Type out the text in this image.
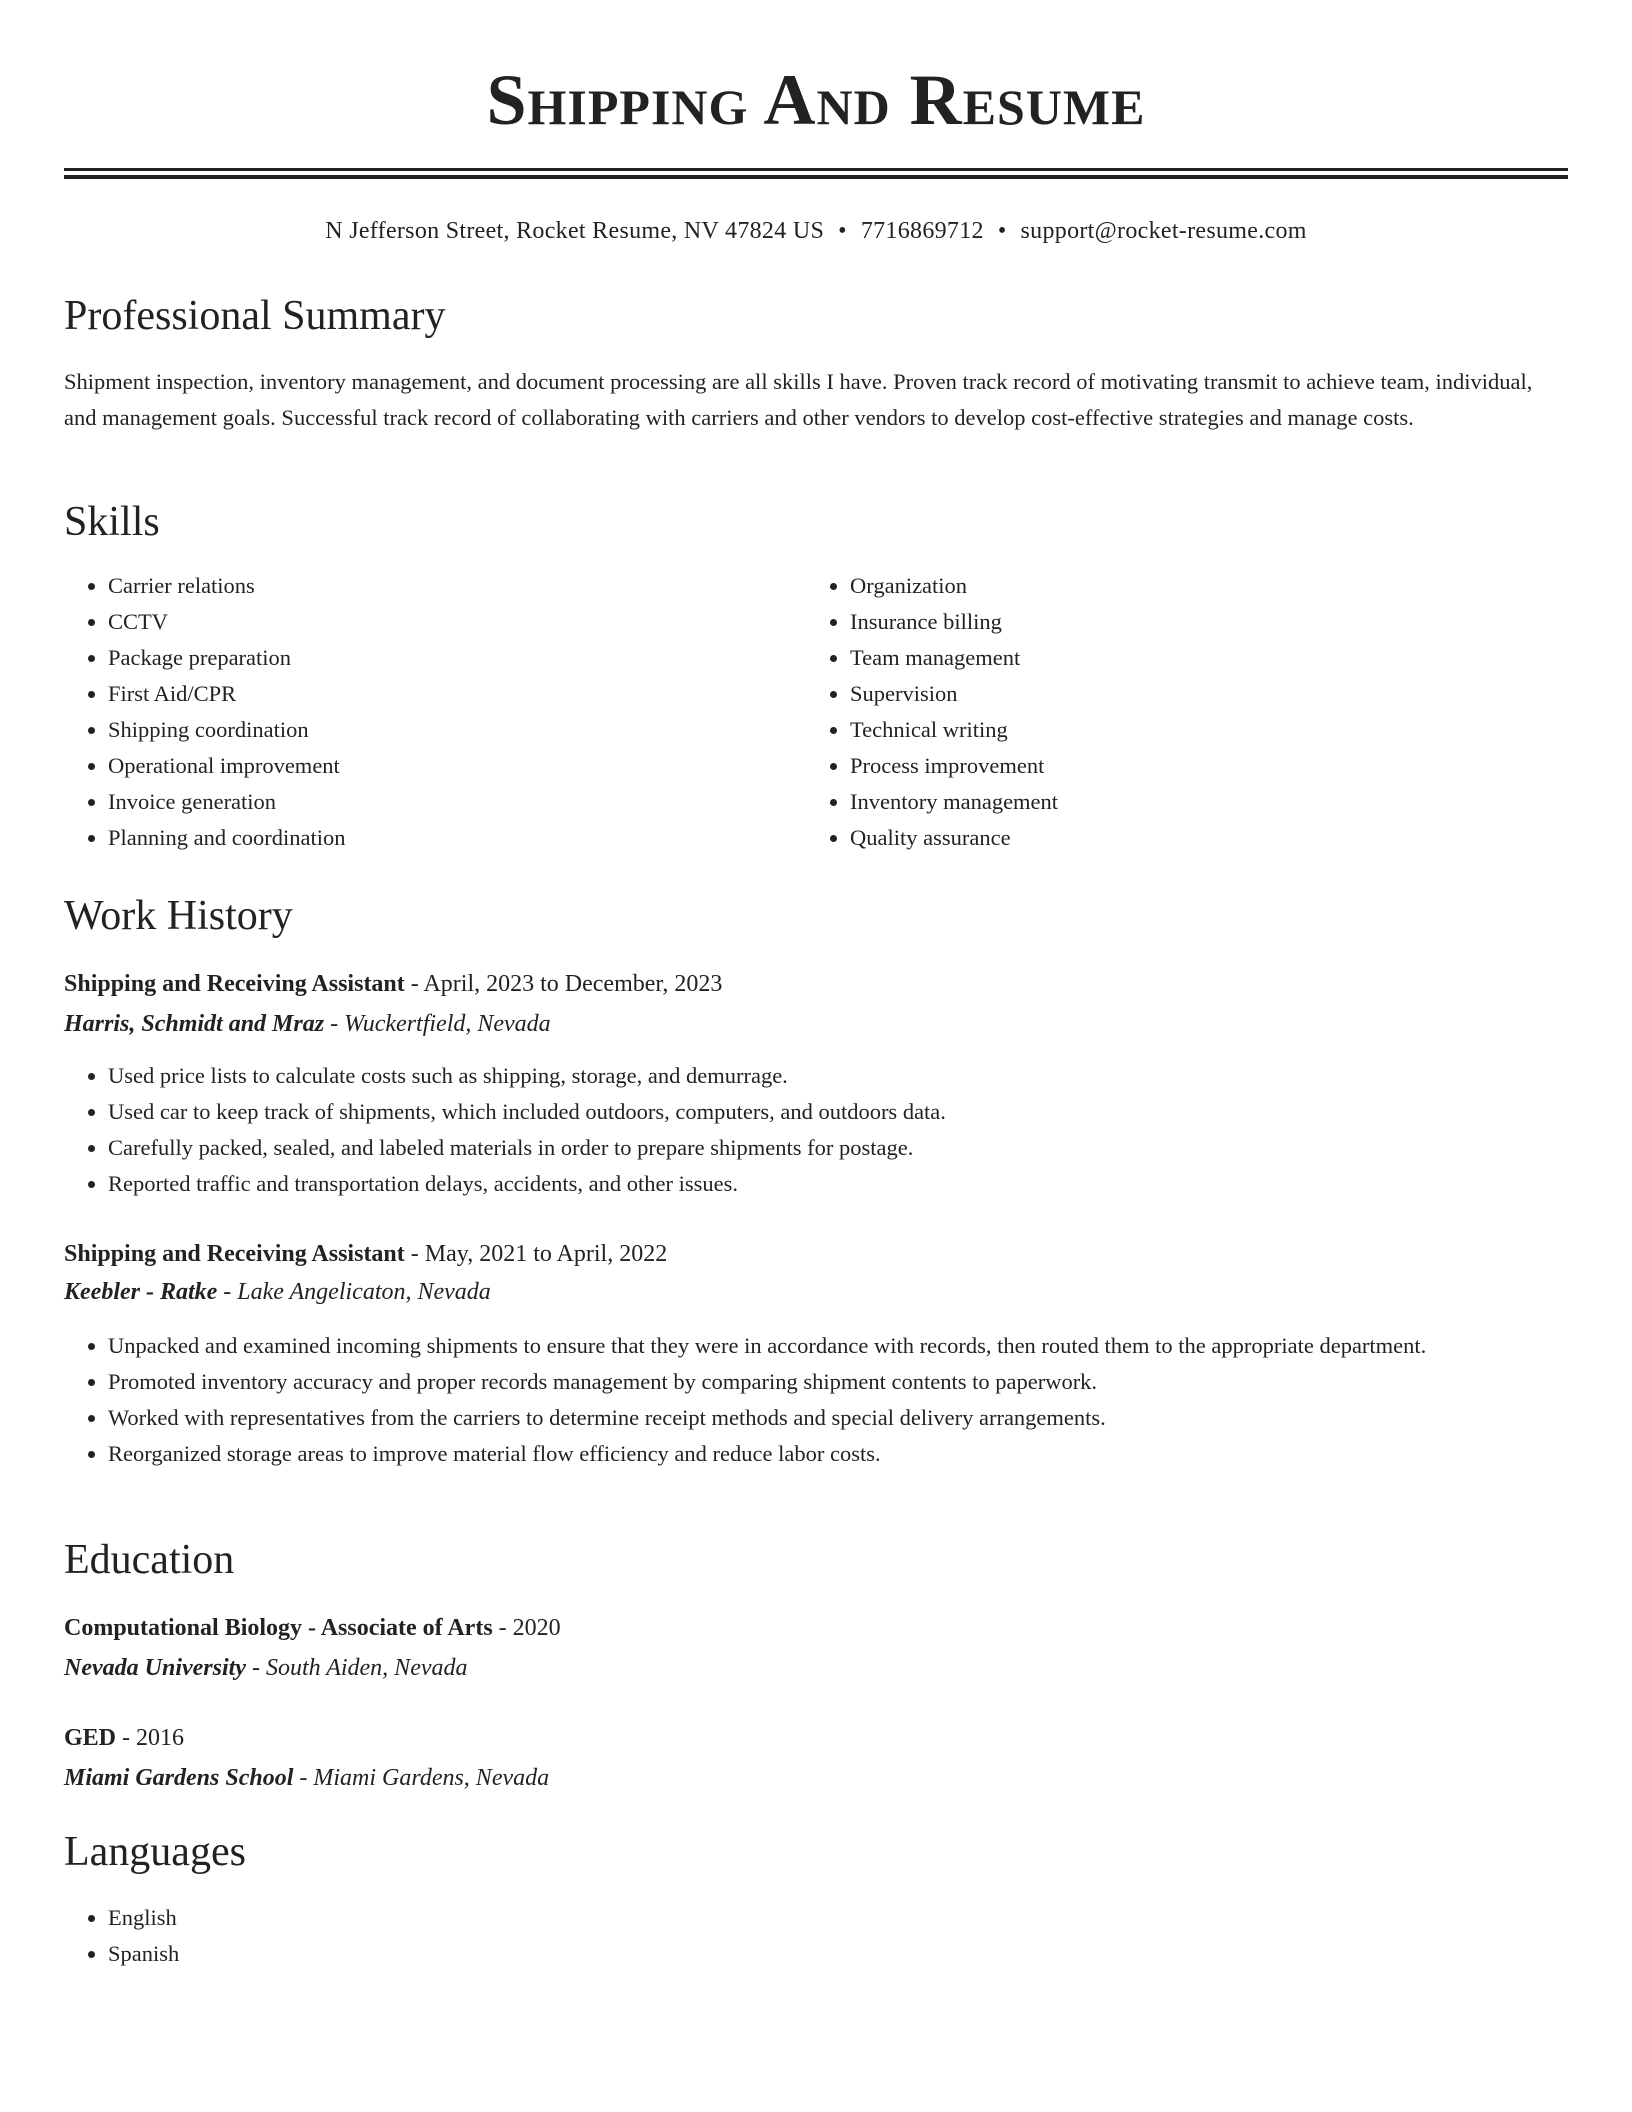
Shipping And Resume
N Jefferson Street, Rocket Resume, NV 47824 US • 7716869712 • support@rocket-resume.com
Professional Summary

Shipment inspection, inventory management, and document processing are all skills I have. Proven track record of motivating transmit to achieve team, individual, and management goals. Successful track record of collaborating with carriers and other vendors to develop cost-effective strategies and manage costs.

Skills
• Carrier relations
• CCTV
• Package preparation
• First Aid/CPR
• Shipping coordination
• Operational improvement
• Invoice generation
• Planning and coordination
• Organization
• Insurance billing
• Team management
• Supervision
• Technical writing
• Process improvement
• Inventory management
• Quality assurance
Work History
Shipping and Receiving Assistant - April, 2023 to December, 2023
Harris, Schmidt and Mraz - Wuckertfield, Nevada
• Used price lists to calculate costs such as shipping, storage, and demurrage.
• Used car to keep track of shipments, which included outdoors, computers, and outdoors data.
• Carefully packed, sealed, and labeled materials in order to prepare shipments for postage.
• Reported traffic and transportation delays, accidents, and other issues.
Shipping and Receiving Assistant - May, 2021 to April, 2022
Keebler - Ratke - Lake Angelicaton, Nevada
• Unpacked and examined incoming shipments to ensure that they were in accordance with records, then routed them to the appropriate department.
• Promoted inventory accuracy and proper records management by comparing shipment contents to paperwork.
• Worked with representatives from the carriers to determine receipt methods and special delivery arrangements.
• Reorganized storage areas to improve material flow efficiency and reduce labor costs.
Education
Computational Biology - Associate of Arts - 2020
Nevada University - South Aiden, Nevada
GED - 2016
Miami Gardens School - Miami Gardens, Nevada
Languages
• English
• Spanish
